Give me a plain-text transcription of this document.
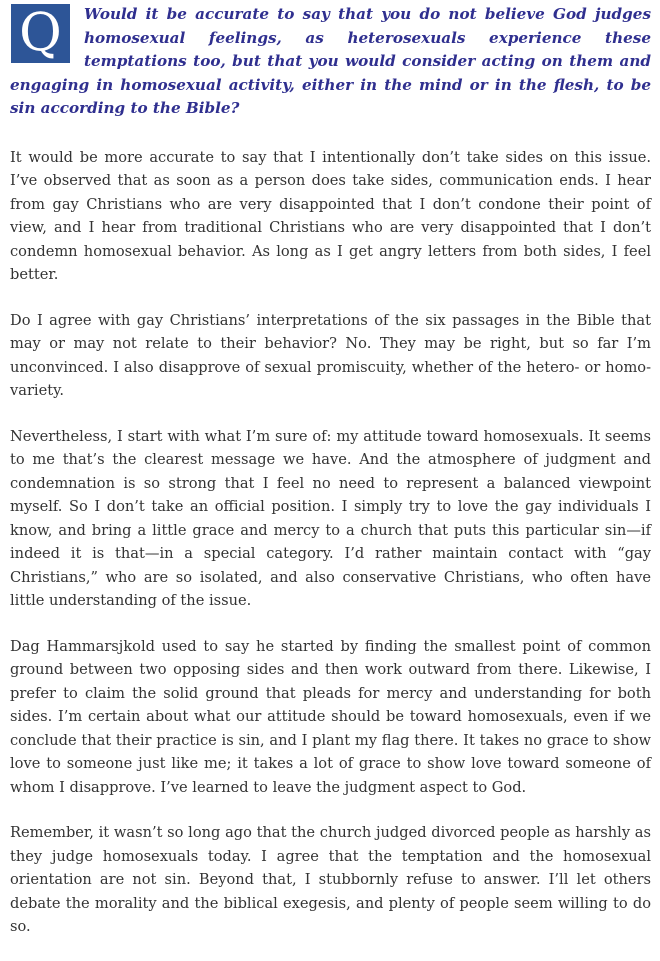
Q	Would it be accurate to say that you do not believe God judges homosexual feelings, as heterosexuals experience these temptations too, but that you would consider acting on them and engaging in homosexual activity, either in the mind or in the flesh, to be sin according to the Bible?

It would be more accurate to say that I intentionally don’t take sides on this issue. I’ve observed that as soon as a person does take sides, communication ends. I hear from gay Christians who are very disappointed that I don’t condone their point of view, and I hear from traditional Christians who are very disappointed that I don’t condemn homosexual behavior. As long as I get angry letters from both sides, I feel better.

Do I agree with gay Christians’ interpretations of the six passages in the Bible that may or may not relate to their behavior? No. They may be right, but so far I’m unconvinced. I also disapprove of sexual promiscuity, whether of the hetero- or homo- variety.

Nevertheless, I start with what I’m sure of: my attitude toward homosexuals. It seems to me that’s the clearest message we have. And the atmosphere of judgment and condemnation is so strong that I feel no need to represent a balanced viewpoint myself. So I don’t take an official position. I simply try to love the gay individuals I know, and bring a little grace and mercy to a church that puts this particular sin—if indeed it is that—in a special category. I’d rather maintain contact with “gay Christians,” who are so isolated, and also conservative Christians, who often have little understanding of the issue.

Dag Hammarsjkold used to say he started by finding the smallest point of common ground between two opposing sides and then work outward from there. Likewise, I prefer to claim the solid ground that pleads for mercy and understanding for both sides. I’m certain about what our attitude should be toward homosexuals, even if we conclude that their practice is sin, and I plant my flag there. It takes no grace to show love to someone just like me; it takes a lot of grace to show love toward someone of whom I disapprove. I’ve learned to leave the judgment aspect to God.

Remember, it wasn’t so long ago that the church judged divorced people as harshly as they judge homosexuals today. I agree that the temptation and the homosexual orientation are not sin. Beyond that, I stubbornly refuse to answer. I’ll let others debate the morality and the biblical exegesis, and plenty of people seem willing to do so.
